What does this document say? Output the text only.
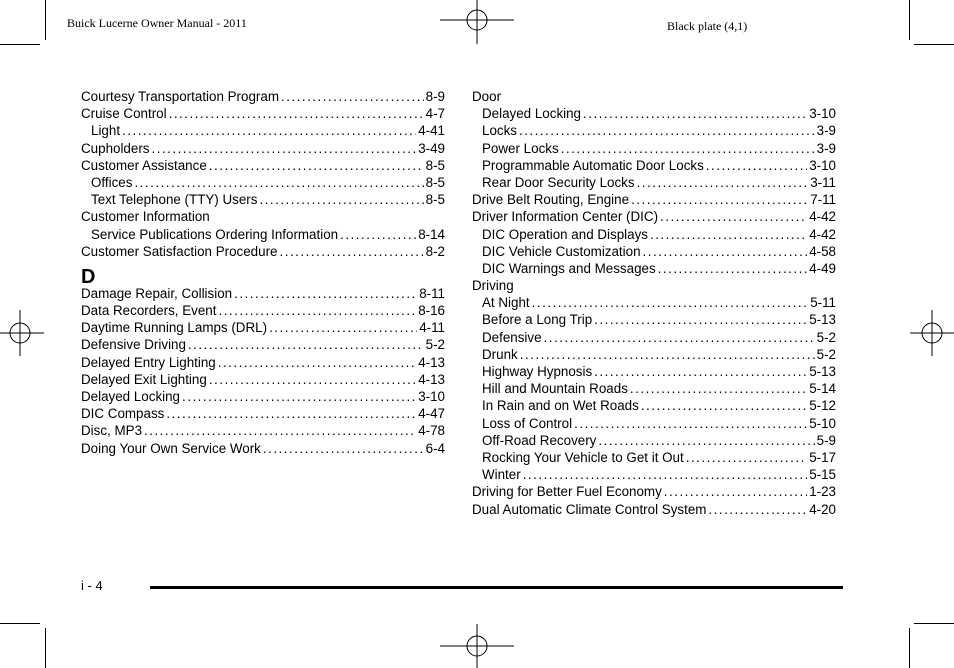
Buick Lucerne Owner Manual - 2011	Black plate (4,1)
Courtesy Transportation Program .....	8-9
Cruise Control .....	4-7
Light .....	4-41
Cupholders .....	3-49
Customer Assistance .....	8-5
Offices .....	8-5
Text Telephone (TTY) Users .....	8-5
Customer Information
Service Publications Ordering Information .....	8-14
Customer Satisfaction Procedure .....	8-2
D
Damage Repair, Collision .....	8-11
Data Recorders, Event .....	8-16
Daytime Running Lamps (DRL) .....	4-11
Defensive Driving .....	5-2
Delayed Entry Lighting .....	4-13
Delayed Exit Lighting .....	4-13
Delayed Locking .....	3-10
DIC Compass .....	4-47
Disc, MP3 .....	4-78
Doing Your Own Service Work .....	6-4
Door
Delayed Locking .....	3-10
Locks .....	3-9
Power Locks .....	3-9
Programmable Automatic Door Locks .....	3-10
Rear Door Security Locks .....	3-11
Drive Belt Routing, Engine .....	7-11
Driver Information Center (DIC) .....	4-42
DIC Operation and Displays .....	4-42
DIC Vehicle Customization .....	4-58
DIC Warnings and Messages .....	4-49
Driving
At Night .....	5-11
Before a Long Trip .....	5-13
Defensive .....	5-2
Drunk .....	5-2
Highway Hypnosis .....	5-13
Hill and Mountain Roads .....	5-14
In Rain and on Wet Roads .....	5-12
Loss of Control .....	5-10
Off-Road Recovery .....	5-9
Rocking Your Vehicle to Get it Out .....	5-17
Winter .....	5-15
Driving for Better Fuel Economy .....	1-23
Dual Automatic Climate Control System .....	4-20
i - 4
